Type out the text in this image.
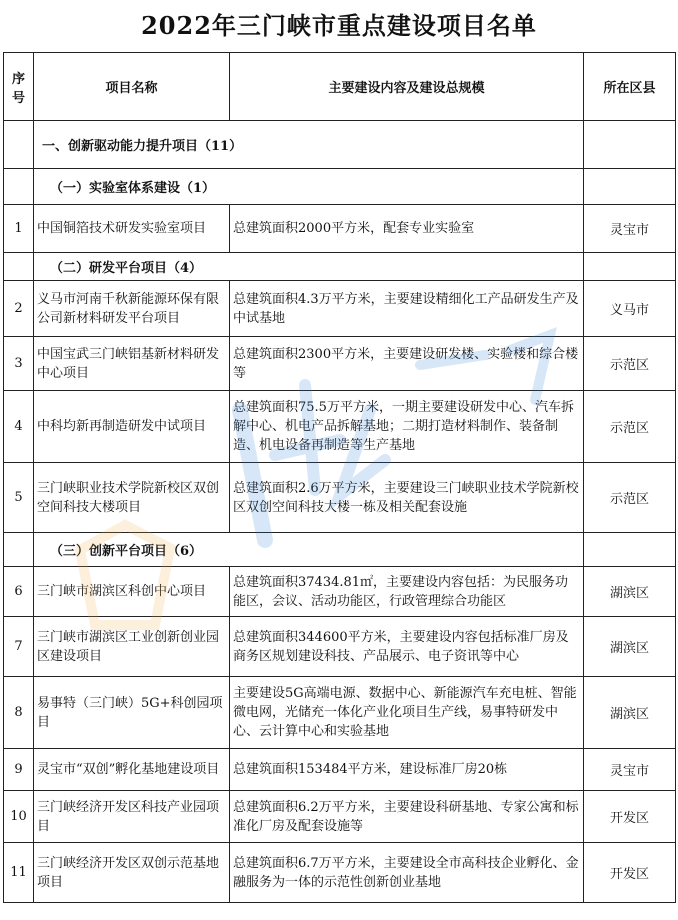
2022年三门峡市重点建设项目名单
序号	项目名称	主要建设内容及建设总规模	所在区县
	一、创新驱动能力提升项目（11）		
	（一）实验室体系建设（1）		
1	中国铜箔技术研发实验室项目	总建筑面积2000平方米，配套专业实验室	灵宝市
	（二）研发平台项目（4）		
2	义马市河南千秋新能源环保有限公司新材料研发平台项目	总建筑面积4.3万平方米，主要建设精细化工产品研发生产及中试基地	义马市
3	中国宝武三门峡铝基新材料研发中心项目	总建筑面积2300平方米，主要建设研发楼、实验楼和综合楼等	示范区
4	中科均新再制造研发中试项目	总建筑面积75.5万平方米，一期主要建设研发中心、汽车拆解中心、机电产品拆解基地；二期打造材料制作、装备制造、机电设备再制造等生产基地	示范区
5	三门峡职业技术学院新校区双创空间科技大楼项目	总建筑面积2.6万平方米，主要建设三门峡职业技术学院新校区双创空间科技大楼一栋及相关配套设施	示范区
	（三）创新平台项目（6）		
6	三门峡市湖滨区科创中心项目	总建筑面积37434.81㎡，主要建设内容包括：为民服务功能区，会议、活动功能区，行政管理综合功能区	湖滨区
7	三门峡市湖滨区工业创新创业园区建设项目	总建筑面积344600平方米，主要建设内容包括标准厂房及商务区规划建设科技、产品展示、电子资讯等中心	湖滨区
8	易事特（三门峡）5G+科创园项目	主要建设5G高端电源、数据中心、新能源汽车充电桩、智能微电网，光储充一体化产业化项目生产线，易事特研发中心、云计算中心和实验基地	湖滨区
9	灵宝市“双创”孵化基地建设项目	总建筑面积153484平方米，建设标准厂房20栋	灵宝市
10	三门峡经济开发区科技产业园项目	总建筑面积6.2万平方米，主要建设科研基地、专家公寓和标准化厂房及配套设施等	开发区
11	三门峡经济开发区双创示范基地项目	总建筑面积6.7万平方米，主要建设全市高科技企业孵化、金融服务为一体的示范性创新创业基地	开发区
